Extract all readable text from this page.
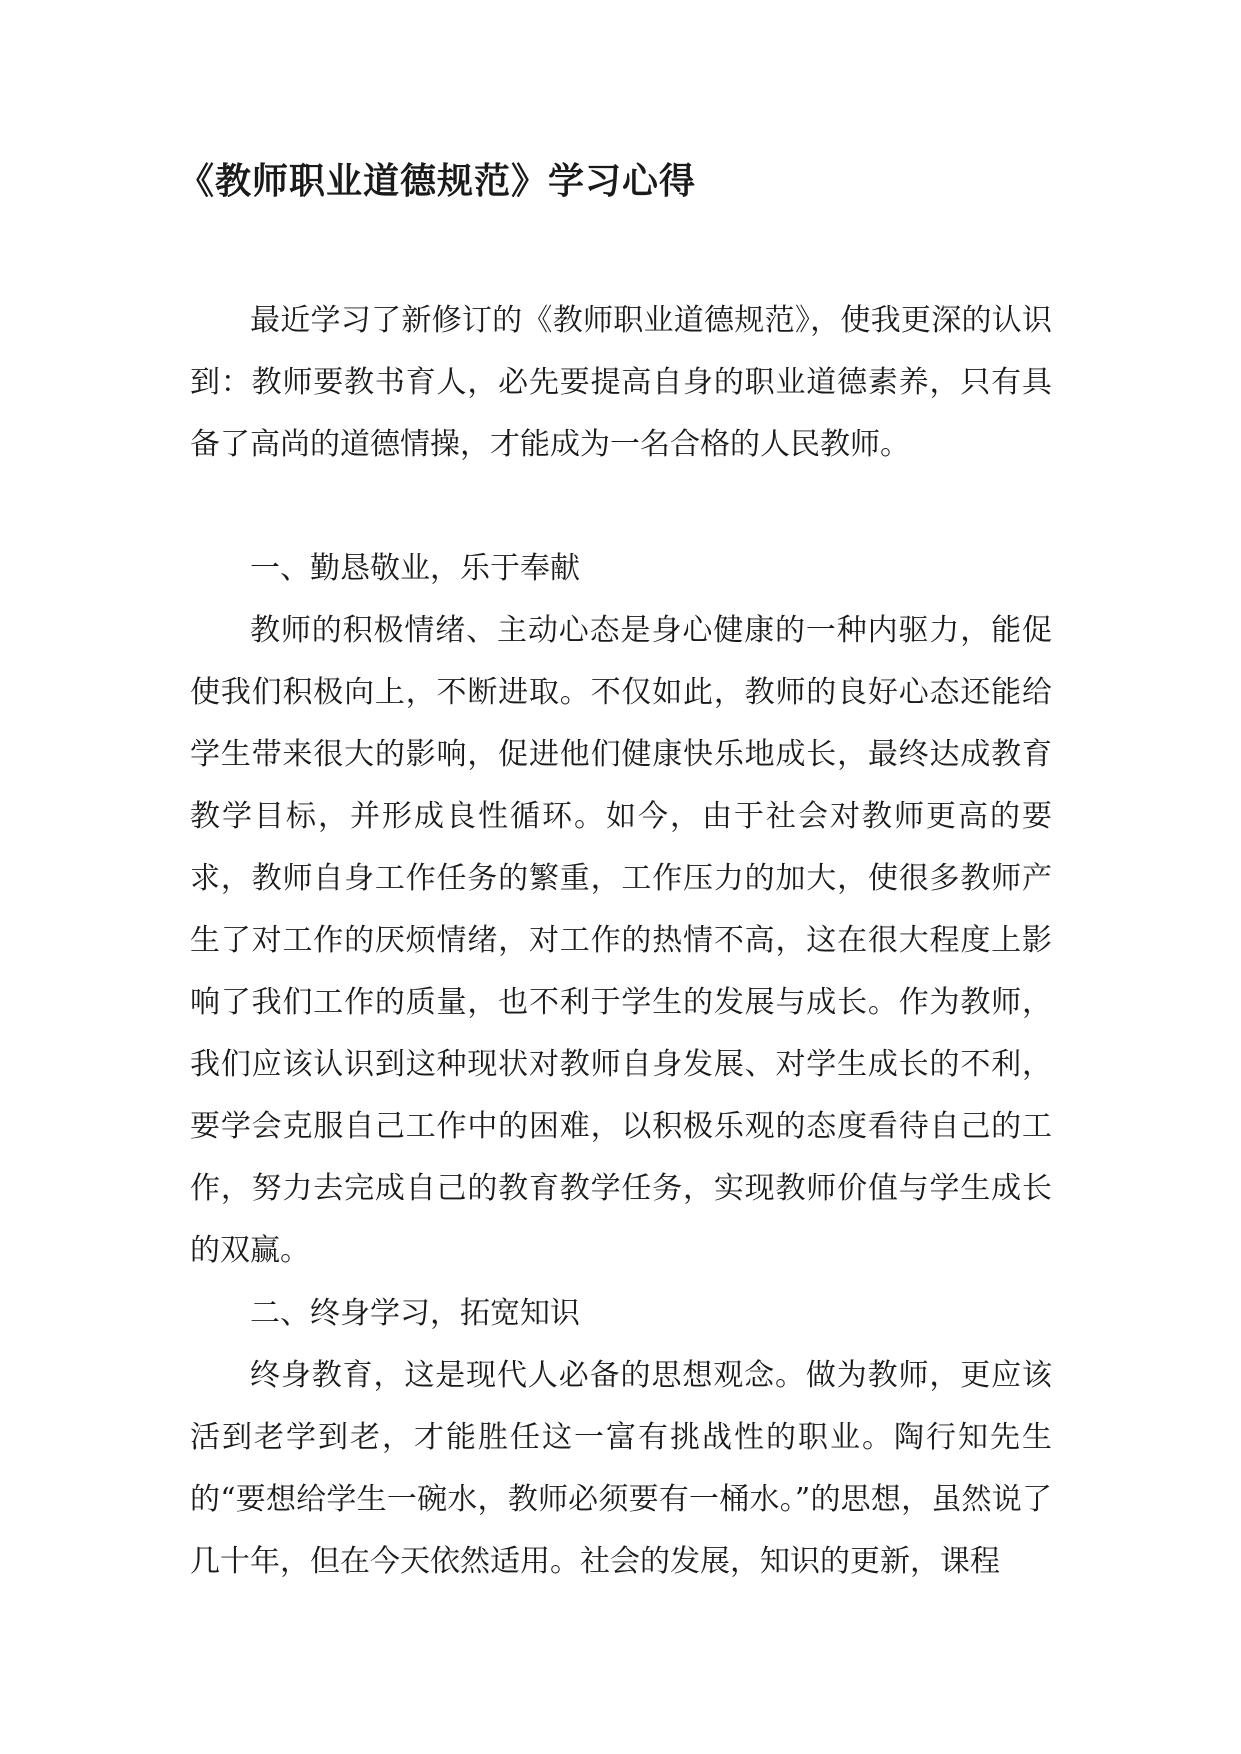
《教师职业道德规范》学习心得

最近学习了新修订的《教师职业道德规范》，使我更深的认识到：教师要教书育人，必先要提高自身的职业道德素养，只有具备了高尚的道德情操，才能成为一名合格的人民教师。

一、勤恳敬业，乐于奉献

教师的积极情绪、主动心态是身心健康的一种内驱力，能促使我们积极向上，不断进取。不仅如此，教师的良好心态还能给学生带来很大的影响，促进他们健康快乐地成长，最终达成教育教学目标，并形成良性循环。如今，由于社会对教师更高的要求，教师自身工作任务的繁重，工作压力的加大，使很多教师产生了对工作的厌烦情绪，对工作的热情不高，这在很大程度上影响了我们工作的质量，也不利于学生的发展与成长。作为教师，我们应该认识到这种现状对教师自身发展、对学生成长的不利，要学会克服自己工作中的困难，以积极乐观的态度看待自己的工作，努力去完成自己的教育教学任务，实现教师价值与学生成长的双赢。

二、终身学习，拓宽知识

终身教育，这是现代人必备的思想观念。做为教师，更应该活到老学到老，才能胜任这一富有挑战性的职业。陶行知先生的“要想给学生一碗水，教师必须要有一桶水。”的思想，虽然说了几十年，但在今天依然适用。社会的发展，知识的更新，课程
